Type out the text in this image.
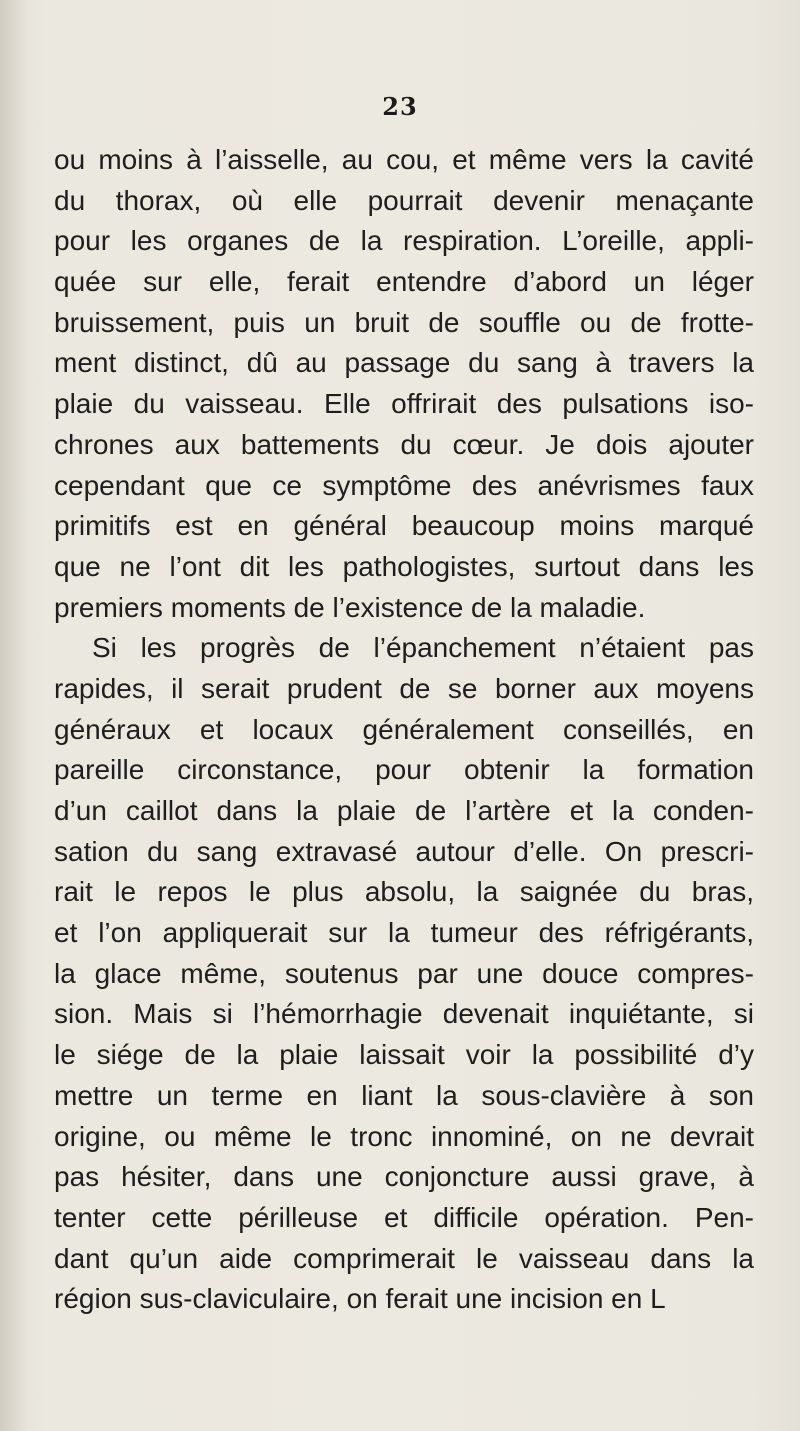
23
ou moins à l’aisselle, au cou, et même vers la cavité
du thorax, où elle pourrait devenir menaçante
pour les organes de la respiration. L’oreille, appli-
quée sur elle, ferait entendre d’abord un léger
bruissement, puis un bruit de souffle ou de frotte-
ment distinct, dû au passage du sang à travers la
plaie du vaisseau. Elle offrirait des pulsations iso-
chrones aux battements du cœur. Je dois ajouter
cependant que ce symptôme des anévrismes faux
primitifs est en général beaucoup moins marqué
que ne l’ont dit les pathologistes, surtout dans les
premiers moments de l’existence de la maladie.
Si les progrès de l’épanchement n’étaient pas
rapides, il serait prudent de se borner aux moyens
généraux et locaux généralement conseillés, en
pareille circonstance, pour obtenir la formation
d’un caillot dans la plaie de l’artère et la conden-
sation du sang extravasé autour d’elle. On prescri-
rait le repos le plus absolu, la saignée du bras,
et l’on appliquerait sur la tumeur des réfrigérants,
la glace même, soutenus par une douce compres-
sion. Mais si l’hémorrhagie devenait inquiétante, si
le siége de la plaie laissait voir la possibilité d’y
mettre un terme en liant la sous-clavière à son
origine, ou même le tronc innominé, on ne devrait
pas hésiter, dans une conjoncture aussi grave, à
tenter cette périlleuse et difficile opération. Pen-
dant qu’un aide comprimerait le vaisseau dans la
région sus-claviculaire, on ferait une incision en L
